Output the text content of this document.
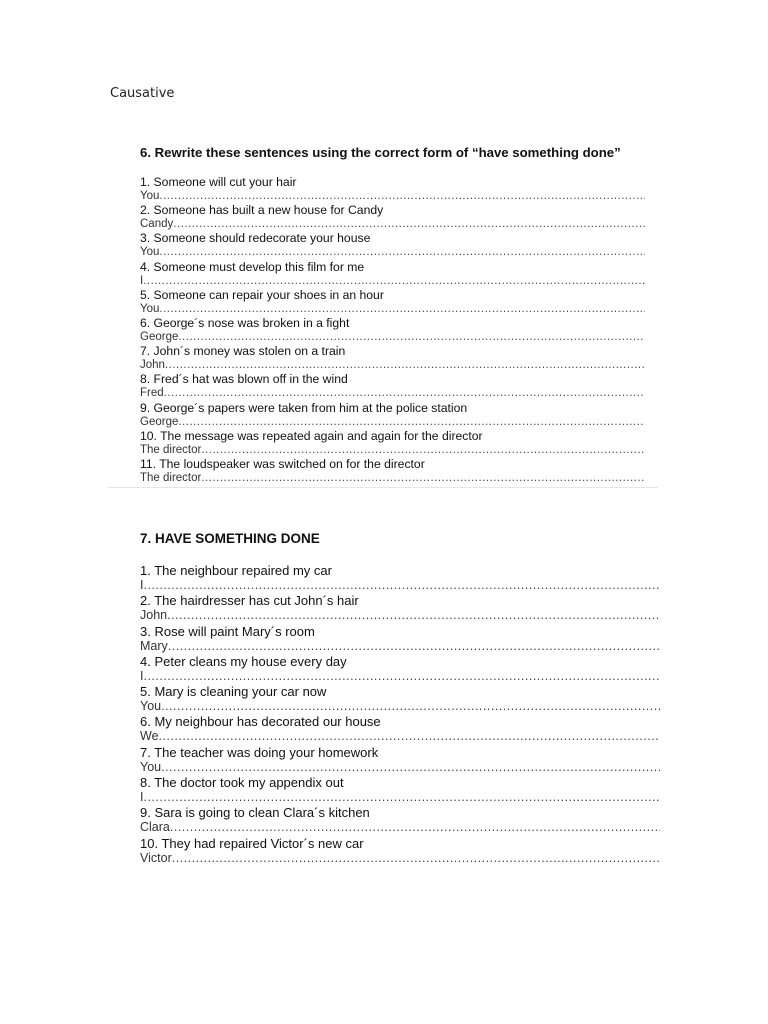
Causative

6. Rewrite these sentences using the correct form of “have something done”

1. Someone will cut your hair
You
.....
2. Someone has built a new house for Candy
Candy
.....
3. Someone should redecorate your house
You
.....
4. Someone must develop this film for me
I
.....
5. Someone can repair your shoes in an hour
You
.....
6. George´s nose was broken in a fight
George
.....
7. John´s money was stolen on a train
John
.....
8. Fred´s hat was blown off in the wind
Fred
.....
9. George´s papers were taken from him at the police station
George
.....
10. The message was repeated again and again for the director
The director
.....
11. The loudspeaker was switched on for the director
The director
.....

7. HAVE SOMETHING DONE

1. The neighbour repaired my car
I
.....
2. The hairdresser has cut John´s hair
John
.....
3. Rose will paint Mary´s room
Mary
.....
4. Peter cleans my house every day
I
.....
5. Mary is cleaning your car now
You
.....
6. My neighbour has decorated our house
We
.....
7. The teacher was doing your homework
You
.....
8. The doctor took my appendix out
I
.....
9. Sara is going to clean Clara´s kitchen
Clara
.....
10. They had repaired Victor´s new car
Victor
.....
